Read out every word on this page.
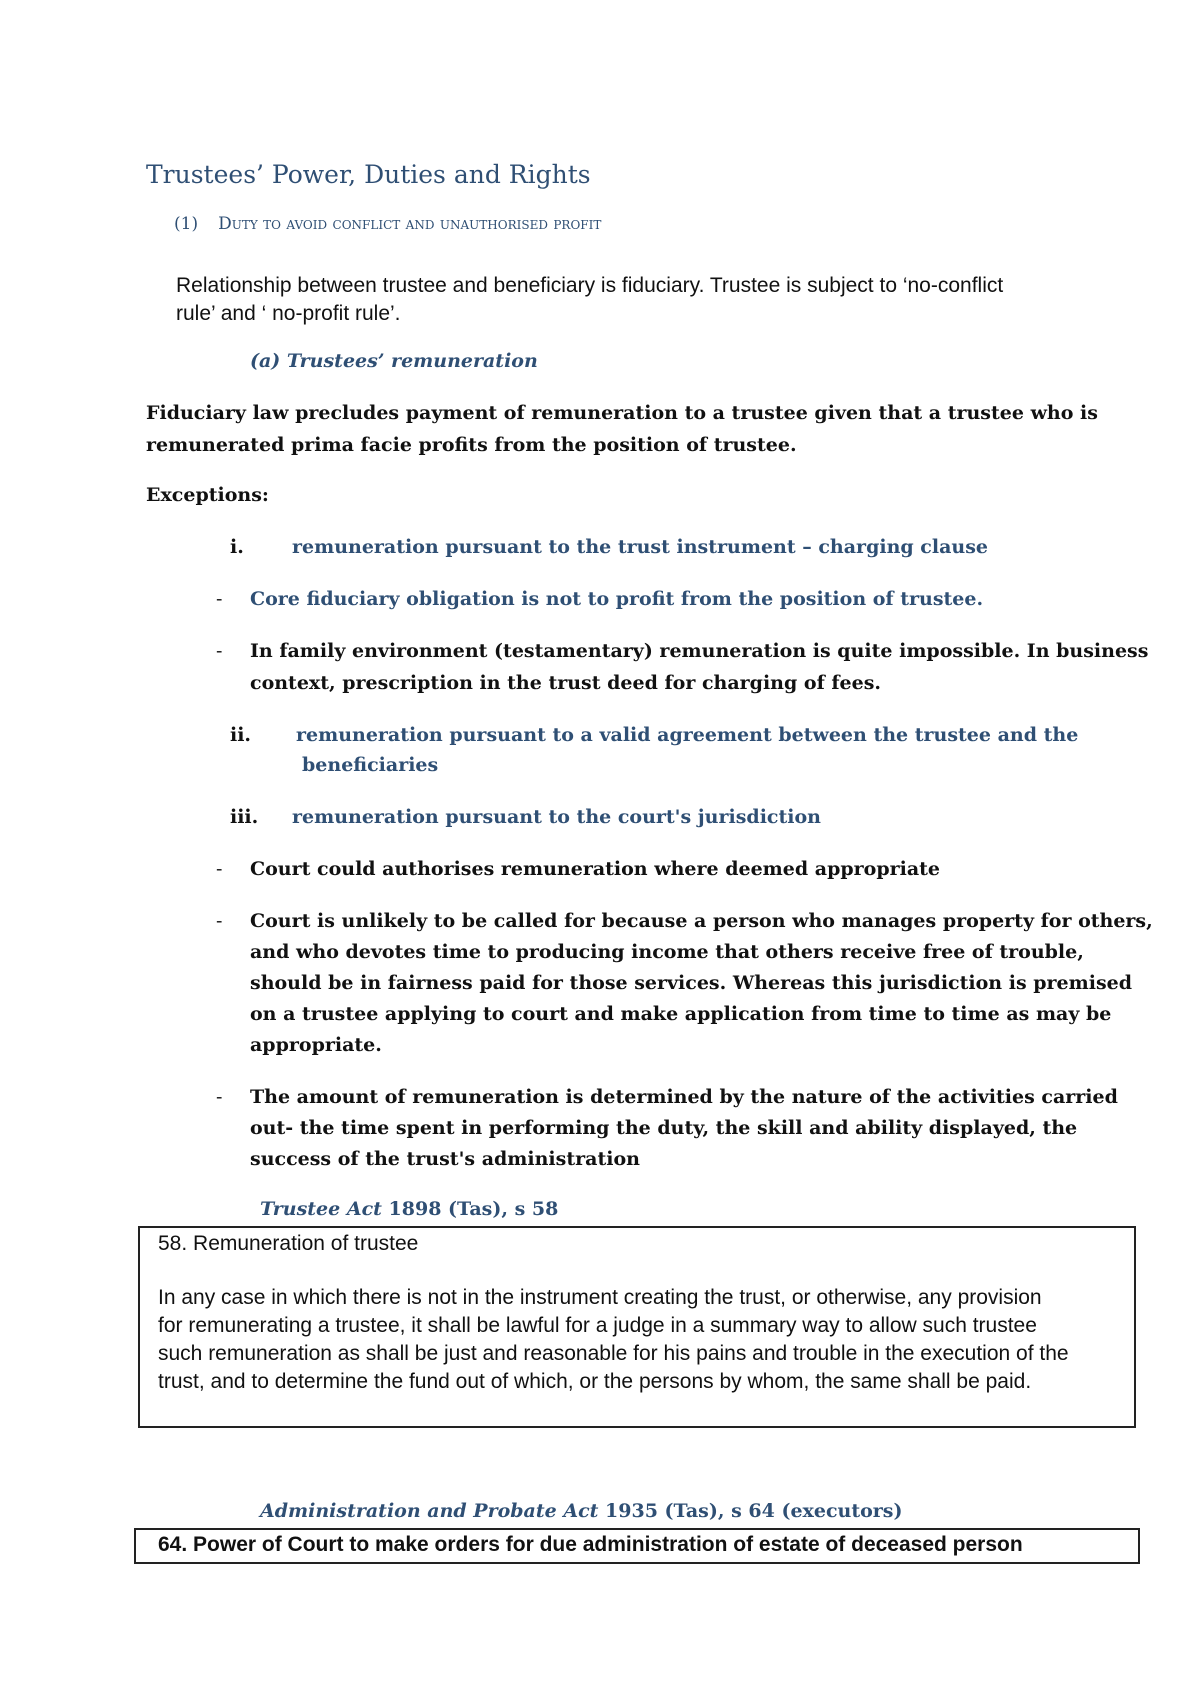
Trustees’ Power, Duties and Rights
(1) Duty to avoid conflict and unauthorised profit
Relationship between trustee and beneficiary is fiduciary. Trustee is subject to ‘no-conflict
rule’ and ‘ no-profit rule’.
(a) Trustees’ remuneration
Fiduciary law precludes payment of remuneration to a trustee given that a trustee who is
remunerated prima facie profits from the position of trustee.
Exceptions:
i.	remuneration pursuant to the trust instrument – charging clause
- Core fiduciary obligation is not to profit from the position of trustee.
- In family environment (testamentary) remuneration is quite impossible. In business
context, prescription in the trust deed for charging of fees.
ii. remuneration pursuant to a valid agreement between the trustee and the
beneficiaries
iii. remuneration pursuant to the court's jurisdiction
- Court could authorises remuneration where deemed appropriate
- Court is unlikely to be called for because a person who manages property for others,
and who devotes time to producing income that others receive free of trouble,
should be in fairness paid for those services. Whereas this jurisdiction is premised
on a trustee applying to court and make application from time to time as may be
appropriate.
- The amount of remuneration is determined by the nature of the activities carried
out- the time spent in performing the duty, the skill and ability displayed, the
success of the trust's administration
Trustee Act 1898 (Tas), s 58
58. Remuneration of trustee
In any case in which there is not in the instrument creating the trust, or otherwise, any provision
for remunerating a trustee, it shall be lawful for a judge in a summary way to allow such trustee
such remuneration as shall be just and reasonable for his pains and trouble in the execution of the
trust, and to determine the fund out of which, or the persons by whom, the same shall be paid.
Administration and Probate Act 1935 (Tas), s 64 (executors)
64. Power of Court to make orders for due administration of estate of deceased person
